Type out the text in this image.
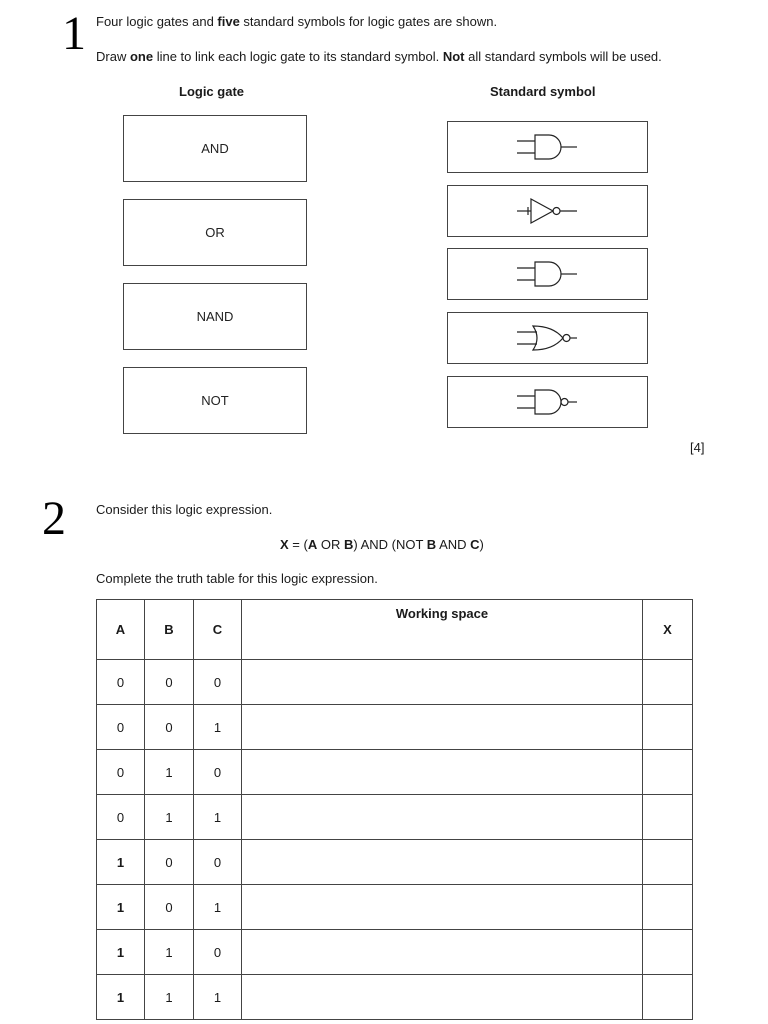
1 Four logic gates and five standard symbols for logic gates are shown.
Draw one line to link each logic gate to its standard symbol. Not all standard symbols will be used.
Logic gate	Standard symbol
AND
OR
NAND
NOT
[4]
2 Consider this logic expression.
X = (A OR B) AND (NOT B AND C)
Complete the truth table for this logic expression.
A	B	C	Working space	X
0	0	0		
0	0	1		
0	1	0		
0	1	1		
1	0	0		
1	0	1		
1	1	0		
1	1	1		
